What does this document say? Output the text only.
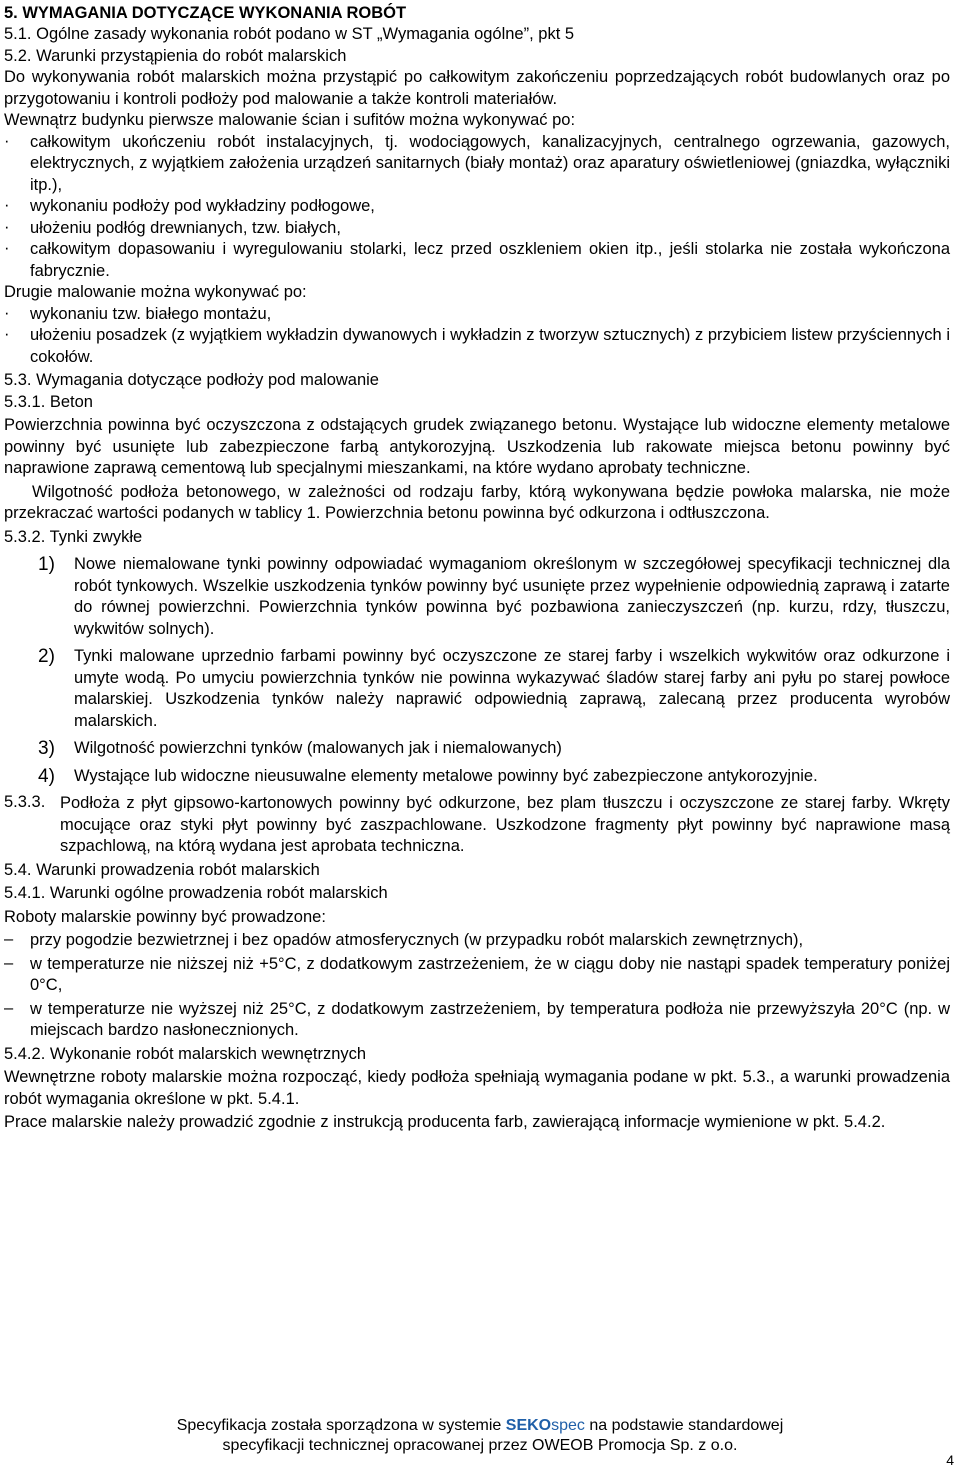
5. WYMAGANIA DOTYCZĄCE WYKONANIA ROBÓT

5.1. Ogólne zasady wykonania robót podano w ST „Wymagania ogólne”, pkt 5

5.2. Warunki przystąpienia do robót malarskich

Do wykonywania robót malarskich można przystąpić po całkowitym zakończeniu poprzedzających robót budowlanych oraz po przygotowaniu i kontroli podłoży pod malowanie a także kontroli materiałów.

Wewnątrz budynku pierwsze malowanie ścian i sufitów można wykonywać po:

·	całkowitym ukończeniu robót instalacyjnych, tj. wodociągowych, kanalizacyjnych, centralnego ogrzewania, gazowych, elektrycznych, z wyjątkiem założenia urządzeń sanitarnych (biały montaż) oraz aparatury oświetleniowej (gniazdka, wyłączniki itp.),

·	wykonaniu podłoży pod wykładziny podłogowe,

·	ułożeniu podłóg drewnianych, tzw. białych,

·	całkowitym dopasowaniu i wyregulowaniu stolarki, lecz przed oszkleniem okien itp., jeśli stolarka nie została wykończona fabrycznie.

Drugie malowanie można wykonywać po:

·	wykonaniu tzw. białego montażu,

·	ułożeniu posadzek (z wyjątkiem wykładzin dywanowych i wykładzin z tworzyw sztucznych) z przybiciem listew przyściennych i cokołów.

5.3. Wymagania dotyczące podłoży pod malowanie

5.3.1. Beton

Powierzchnia powinna być oczyszczona z odstających grudek związanego betonu. Wystające lub widoczne elementy metalowe powinny być usunięte lub zabezpieczone farbą antykorozyjną. Uszkodzenia lub rakowate miejsca betonu powinny być naprawione zaprawą cementową lub specjalnymi mieszankami, na które wydano aprobaty techniczne.

Wilgotność podłoża betonowego, w zależności od rodzaju farby, którą wykonywana będzie powłoka malarska, nie może przekraczać wartości podanych w tablicy 1. Powierzchnia betonu powinna być odkurzona i odtłuszczona.

5.3.2. Tynki zwykłe

1)	Nowe niemalowane tynki powinny odpowiadać wymaganiom określonym w szczegółowej specyfikacji technicznej dla robót tynkowych. Wszelkie uszkodzenia tynków powinny być usunięte przez wypełnienie odpowiednią zaprawą i zatarte do równej powierzchni. Powierzchnia tynków powinna być pozbawiona zanieczyszczeń (np. kurzu, rdzy, tłuszczu, wykwitów solnych).

2)	Tynki malowane uprzednio farbami powinny być oczyszczone ze starej farby i wszelkich wykwitów oraz odkurzone i umyte wodą. Po umyciu powierzchnia tynków nie powinna wykazywać śladów starej farby ani pyłu po starej powłoce malarskiej. Uszkodzenia tynków należy naprawić odpowiednią zaprawą, zalecaną przez producenta wyrobów malarskich.

3)	Wilgotność powierzchni tynków (malowanych jak i niemalowanych)

4)	Wystające lub widoczne nieusuwalne elementy metalowe powinny być zabezpieczone antykorozyjnie.

5.3.3. Podłoża z płyt gipsowo-kartonowych powinny być odkurzone, bez plam tłuszczu i oczyszczone ze starej farby. Wkręty mocujące oraz styki płyt powinny być zaszpachlowane. Uszkodzone fragmenty płyt powinny być naprawione masą szpachlową, na którą wydana jest aprobata techniczna.

5.4. Warunki prowadzenia robót malarskich

5.4.1. Warunki ogólne prowadzenia robót malarskich

Roboty malarskie powinny być prowadzone:

–	przy pogodzie bezwietrznej i bez opadów atmosferycznych (w przypadku robót malarskich zewnętrznych),

–	w temperaturze nie niższej niż +5°C, z dodatkowym zastrzeżeniem, że w ciągu doby nie nastąpi spadek temperatury poniżej 0°C,

–	w temperaturze nie wyższej niż 25°C, z dodatkowym zastrzeżeniem, by temperatura podłoża nie przewyższyła 20°C (np. w miejscach bardzo nasłonecznionych.

5.4.2. Wykonanie robót malarskich wewnętrznych

Wewnętrzne roboty malarskie można rozpocząć, kiedy podłoża spełniają wymagania podane w pkt. 5.3., a warunki prowadzenia robót wymagania określone w pkt. 5.4.1.

Prace malarskie należy prowadzić zgodnie z instrukcją producenta farb, zawierającą informacje wymienione w pkt. 5.4.2.

Specyfikacja została sporządzona w systemie SEKOspec na podstawie standardowej
specyfikacji technicznej opracowanej przez OWEOB Promocja Sp. z o.o.
4
